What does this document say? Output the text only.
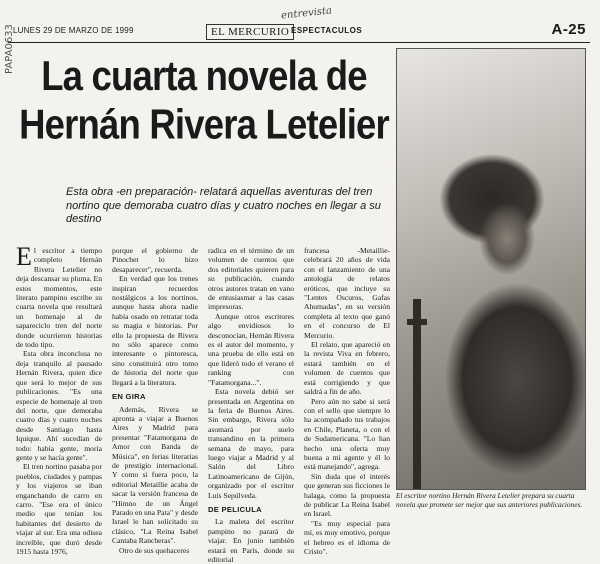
LUNES 29 DE MARZO DE 1999
entrevista
EL MERCURIO ESPECTACULOS	A-25
PAPA0633
La cuarta novela de Hernán Rivera Letelier
Esta obra -en preparación- relatará aquellas aventuras del tren nortino que demoraba cuatro días y cuatro noches en llegar a su destino

El escritor a tiempo completo Hernán Rivera Letelier no deja descansar su pluma. En estos momentos, este literato pampino escribe su cuarta novela que resultará un homenaje al de sapareciclo tren del norte donde ocurrieron historias de todo tipo.

Esta obra inconclusa no deja tranquilo al pausado Hernán Rivera, quien dice que será lo mejor de sus publicaciones. "Es una especie de homenaje al tren del norte, que demoraba cuatro días y cuatro noches desde Santiago hasta Iquique. Ahí sucedían de todo: había gente, moría gente y se hacía gente".

El tren nortino pasaba por pueblos, ciudades y pampas y los viajeros se iban enganchando de carro en carro. "Ese era el único medio que tenían los habitantes del desierto de viajar al sur. Era una odisea increíble, que duró desde 1915 hasta 1976,

porque el gobierno de Pinochet lo hizo desaparecer", recuerda.

En verdad que los trenes inspiran recuerdos nostálgicos a los nortinos, aunque hasta ahora nadie había osado en retratar toda su magia e historias. Por ello la propuesta de Rivera no sólo aparece como interesante o pintoresca, sino constituirá otro tomo de historia del norte que llegará a la literatura.

EN GIRA

Además, Rivera se apronta a viajar a Buenos Aires y Madrid para presentar "Fatamorgana de Amor con Banda de Música", en ferias literarias de prestigio internacional. Y como si fuera poco, la editorial Metaillie acaba de sacar la versión francesa de "Himno de un Ángel Parado en una Pata" y desde Israel le han solicitado su clásico, "La Reina Isabel Cantaba Rancheras".

Otro de sus quehaceres

radica en el término de un volumen de cuentos que dos editoriales quieren para su publicación, cuando otros autores tratan en vano de entusiasmar a las casas impresoras.

Aunque otros escritores algo envidiosos lo desconocían, Hernán Rivera es el autor del momento, y una prueba de ello está en que lideró todo el verano el ranking con "Fatamorgana...".

Esta novela debió ser presentada en Argentina en la feria de Buenos Aires. Sin embargo, Rivera sólo asomará por suelo transandino en la primera semana de mayo, para luego viajar a Madrid y al Salón del Libro Latinoamericano de Gijón, organizado por el escritor Luis Sepúlveda.

DE PELICULA

La maleta del escritor pampino no parará de viajar. En junio también estará en París, donde su editorial

francesa -Metaillie- celebrará 20 años de vida con el lanzamiento de una antología de relatos eróticos, que incluye su "Lentes Oscuros, Gafas Ahumadas", en su versión completa al texto que ganó en el concurso de El Mercurio.

El relato, que apareció en la revista Viva en febrero, estará también en el volumen de cuentos que está corrigiendo y que saldrá a fin de año.

Pero aún no sabe si será con el sello que siempre lo ha acompañado tus trabajos en Chile, Planeta, o con el de Sudamericana. "Lo han hecho una oferta muy buena a mi agente y él lo está manejando", agrega.

Sin duda que el interés que generan sus ficciones le halaga, como la propuesta de publicar La Reina Isabel en Israel.

"Es muy especial para mí, es muy emotivo, porque el hebreo es el idioma de Cristo".

El escritor nortino Hernán Rivera Letelier prepara su cuarta novela que promete ser mejor que sus anteriores publicaciones.
